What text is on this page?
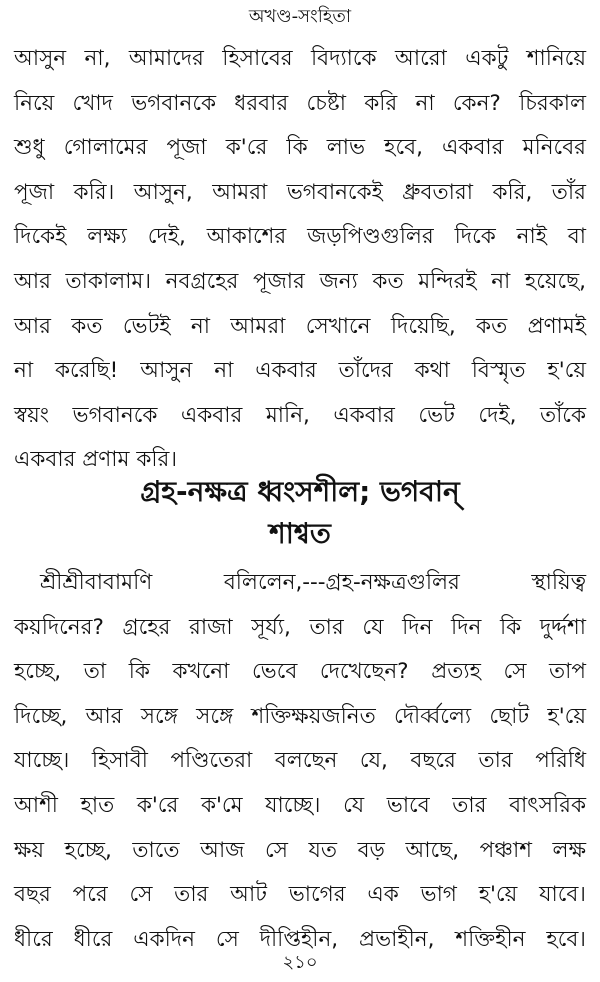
অখণ্ড-সংহিতা
আসুন না, আমাদের হিসাবের বিদ্যাকে আরো একটু শানিয়ে
নিয়ে খোদ ভগবানকে ধরবার চেষ্টা করি না কেন? চিরকাল
শুধু গোলামের পূজা ক'রে কি লাভ হবে, একবার মনিবের
পূজা করি। আসুন, আমরা ভগবানকেই ধ্রুবতারা করি, তাঁর
দিকেই লক্ষ্য দেই, আকাশের জড়পিণ্ডগুলির দিকে নাই বা
আর তাকালাম। নবগ্রহের পূজার জন্য কত মন্দিরই না হয়েছে,
আর কত ভেটই না আমরা সেখানে দিয়েছি, কত প্রণামই
না করেছি! আসুন না একবার তাঁদের কথা বিস্মৃত হ'য়ে
স্বয়ং ভগবানকে একবার মানি, একবার ভেট দেই, তাঁকে
একবার প্রণাম করি।
গ্রহ-নক্ষত্র ধ্বংসশীল; ভগবান্
শাশ্বত
শ্রীশ্রীবাবামণি বলিলেন,---গ্রহ-নক্ষত্রগুলির স্থায়িত্ব
কয়দিনের? গ্রহের রাজা সূর্য্য, তার যে দিন দিন কি দুর্দ্দশা
হচ্ছে, তা কি কখনো ভেবে দেখেছেন? প্রত্যহ সে তাপ
দিচ্ছে, আর সঙ্গে সঙ্গে শক্তিক্ষয়জনিত দৌর্ব্বল্যে ছোট হ'য়ে
যাচ্ছে। হিসাবী পণ্ডিতেরা বলছেন যে, বছরে তার পরিধি
আশী হাত ক'রে ক'মে যাচ্ছে। যে ভাবে তার বাৎসরিক
ক্ষয় হচ্ছে, তাতে আজ সে যত বড় আছে, পঞ্চাশ লক্ষ
বছর পরে সে তার আট ভাগের এক ভাগ হ'য়ে যাবে।
ধীরে ধীরে একদিন সে দীপ্তিহীন, প্রভাহীন, শক্তিহীন হবে।
২১০
